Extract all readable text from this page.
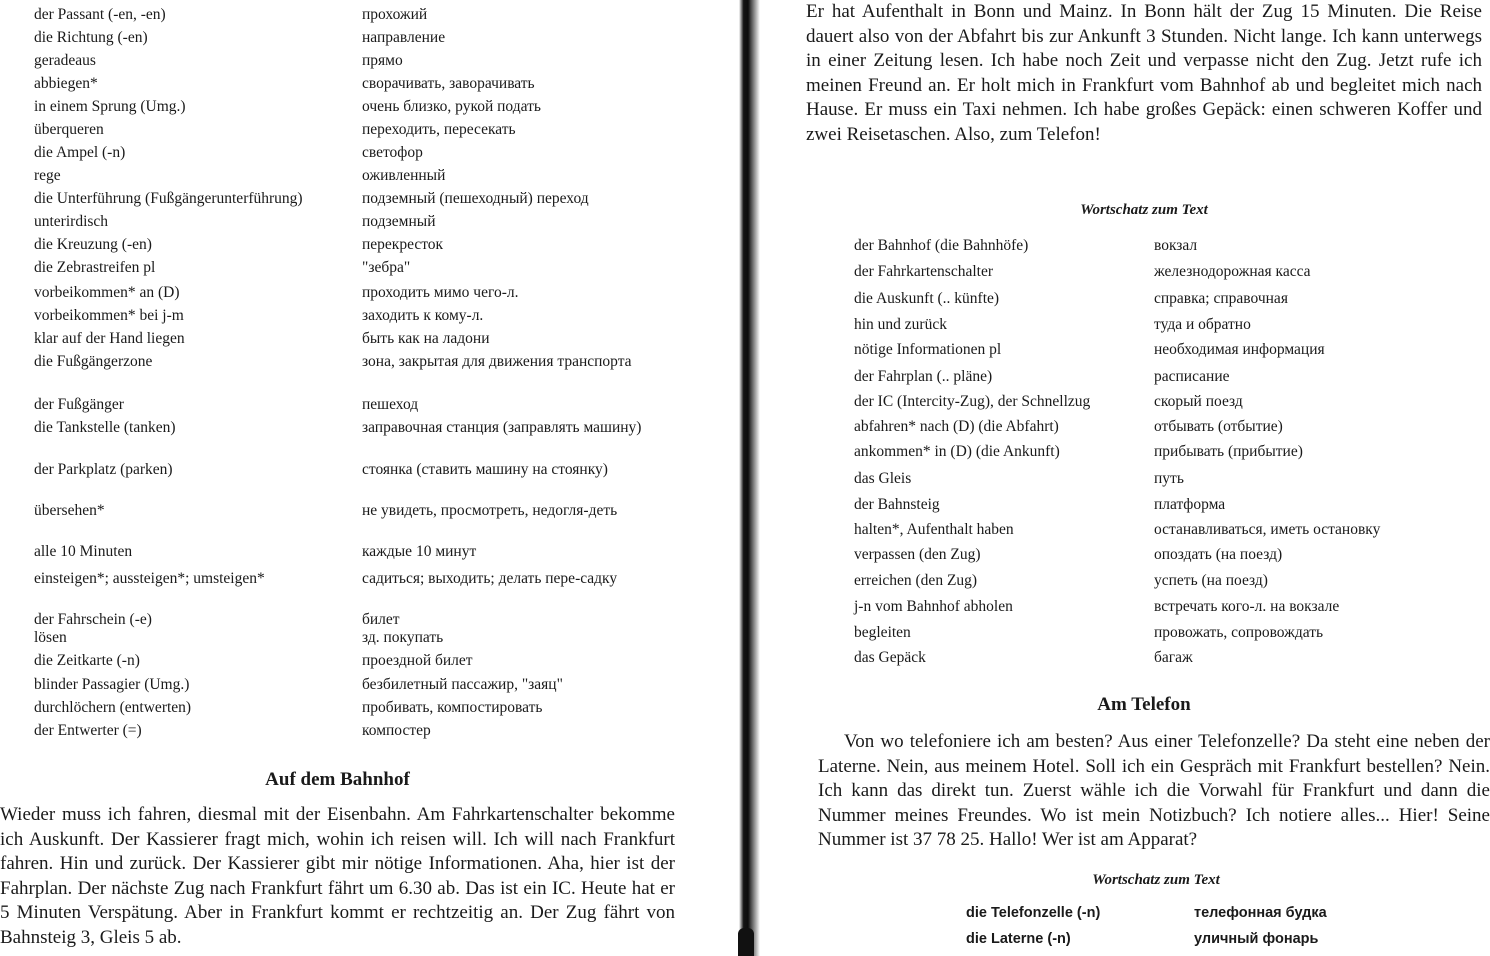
der Passant (-en, -en)	прохожий
die Richtung (-en)	направление
geradeaus	прямо
abbiegen*	сворачивать, заворачивать
in einem Sprung (Umg.)	очень близко, рукой подать
überqueren	переходить, пересекать
die Ampel (-n)	светофор
rege	оживленный
die Unterführung (Fußgängerunterführung)	подземный (пешеходный) переход
unterirdisch	подземный
die Kreuzung (-en)	перекресток
die Zebrastreifen pl	"зебра"
vorbeikommen* an (D)	проходить мимо чего-л.
vorbeikommen* bei j-m	заходить к кому-л.
klar auf der Hand liegen	быть как на ладони
die Fußgängerzone	зона, закрытая для движения транспорта
der Fußgänger	пешеход
die Tankstelle (tanken)	заправочная станция (заправлять машину)
der Parkplatz (parken)	стоянка (ставить машину на стоянку)
übersehen*	не увидеть, просмотреть, недогля-деть
alle 10 Minuten	каждые 10 минут
einsteigen*; aussteigen*; umsteigen*	садиться; выходить; делать пере-садку
der Fahrschein (-e)	билет
lösen	зд. покупать
die Zeitkarte (-n)	проездной билет
blinder Passagier (Umg.)	безбилетный пассажир, "заяц"
durchlöchern (entwerten)	пробивать, компостировать
der Entwerter (=)	компостер
Auf dem Bahnhof
Wieder muss ich fahren, diesmal mit der Eisenbahn. Am Fahrkartenschalter bekomme ich Auskunft. Der Kassierer fragt mich, wohin ich reisen will. Ich will nach Frankfurt fahren. Hin und zurück. Der Kassierer gibt mir nötige Informationen. Aha, hier ist der Fahrplan. Der nächste Zug nach Frankfurt fährt um 6.30 ab. Das ist ein IC. Heute hat er 5 Minuten Verspätung. Aber in Frankfurt kommt er rechtzeitig an. Der Zug fährt von Bahnsteig 3, Gleis 5 ab.
Er hat Aufenthalt in Bonn und Mainz. In Bonn hält der Zug 15 Minuten. Die Reise dauert also von der Abfahrt bis zur Ankunft 3 Stunden. Nicht lange. Ich kann unterwegs in einer Zeitung lesen. Ich habe noch Zeit und verpasse nicht den Zug. Jetzt rufe ich meinen Freund an. Er holt mich in Frankfurt vom Bahnhof ab und begleitet mich nach Hause. Er muss ein Taxi nehmen. Ich habe großes Gepäck: einen schweren Koffer und zwei Reisetaschen. Also, zum Telefon!
Wortschatz zum Text
der Bahnhof (die Bahnhöfe)	вокзал
der Fahrkartenschalter	железнодорожная касса
die Auskunft (.. künfte)	справка; справочная
hin und zurück	туда и обратно
nötige Informationen pl	необходимая информация
der Fahrplan (.. pläne)	расписание
der IC (Intercity-Zug), der Schnellzug	скорый поезд
abfahren* nach (D) (die Abfahrt)	отбывать (отбытие)
ankommen* in (D) (die Ankunft)	прибывать (прибытие)
das Gleis	путь
der Bahnsteig	платформа
halten*, Aufenthalt haben	останавливаться, иметь остановку
verpassen (den Zug)	опоздать (на поезд)
erreichen (den Zug)	успеть (на поезд)
j-n vom Bahnhof abholen	встречать кого-л. на вокзале
begleiten	провожать, сопровождать
das Gepäck	багаж
Am Telefon
Von wo telefoniere ich am besten? Aus einer Telefonzelle? Da steht eine neben der Laterne. Nein, aus meinem Hotel. Soll ich ein Gespräch mit Frankfurt bestellen? Nein. Ich kann das direkt tun. Zuerst wähle ich die Vorwahl für Frankfurt und dann die Nummer meines Freundes. Wo ist mein Notizbuch? Ich notiere alles... Hier! Seine Nummer ist 37 78 25. Hallo! Wer ist am Apparat?
Wortschatz zum Text
die Telefonzelle (-n)	телефонная будка
die Laterne (-n)	уличный фонарь
